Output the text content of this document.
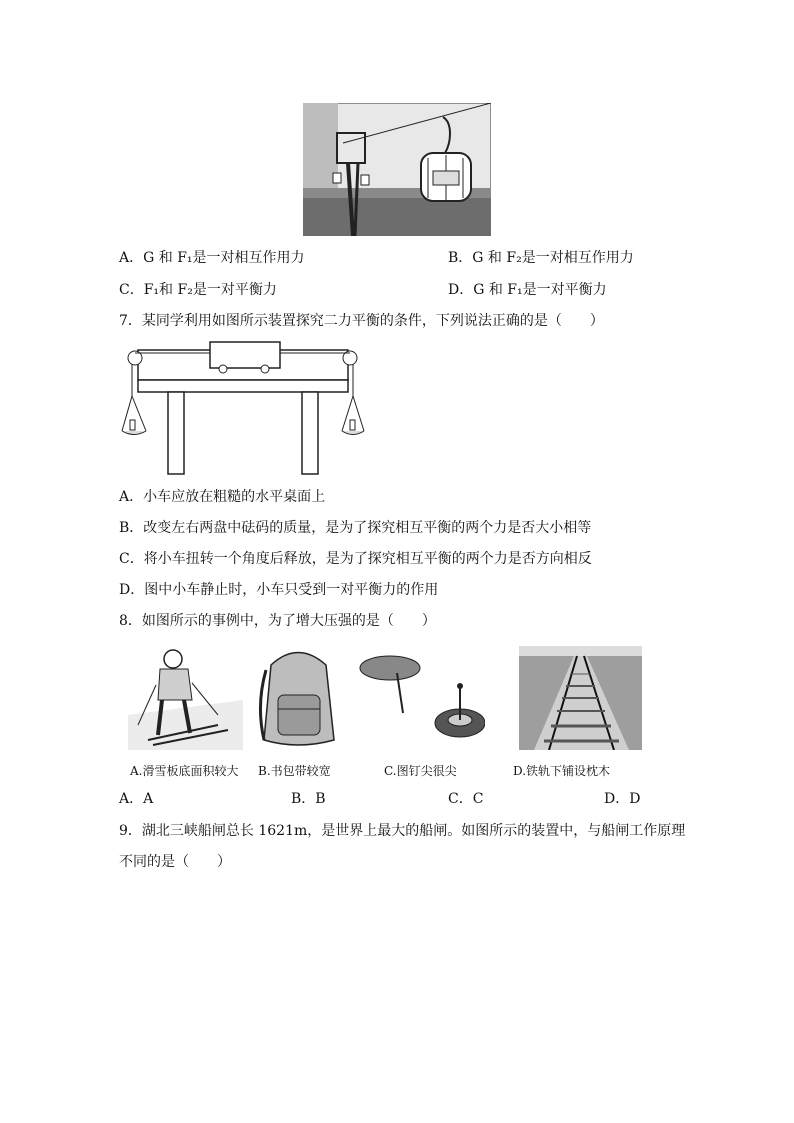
A．G 和 F₁是一对相互作用力	B．G 和 F₂是一对相互作用力
C．F₁和 F₂是一对平衡力	D．G 和 F₁是一对平衡力
7．某同学利用如图所示装置探究二力平衡的条件，下列说法正确的是（　　）
A．小车应放在粗糙的水平桌面上
B．改变左右两盘中砝码的质量，是为了探究相互平衡的两个力是否大小相等
C．将小车扭转一个角度后释放，是为了探究相互平衡的两个力是否方向相反
D．图中小车静止时，小车只受到一对平衡力的作用
8．如图所示的事例中，为了增大压强的是（　　）
A.滑雪板底面积较大 B.书包带较宽	C.图钉尖很尖	D.铁轨下铺设枕木
A．A	B．B	C．C	D．D
9．湖北三峡船闸总长 1621m，是世界上最大的船闸。如图所示的装置中，与船闸工作原理
不同的是（　　）
